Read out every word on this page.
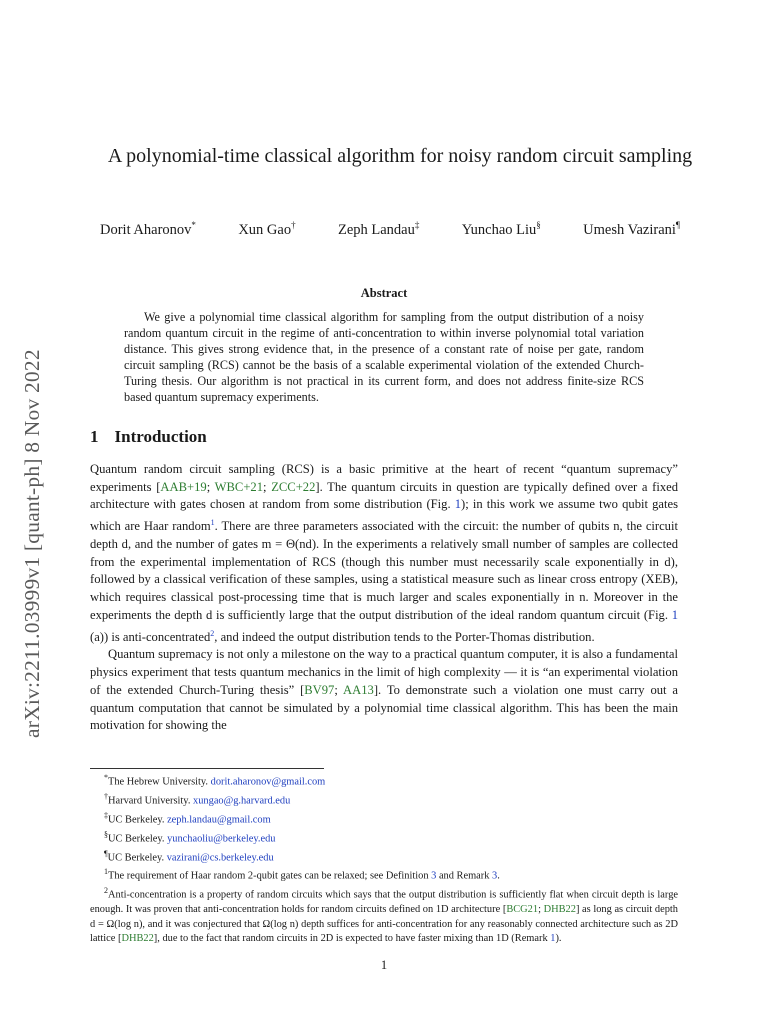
arXiv:2211.03999v1 [quant-ph] 8 Nov 2022
A polynomial-time classical algorithm for noisy random circuit sampling
Dorit Aharonov*	Xun Gao†	Zeph Landau‡	Yunchao Liu§	Umesh Vazirani¶
Abstract
We give a polynomial time classical algorithm for sampling from the output distribution of a noisy random quantum circuit in the regime of anti-concentration to within inverse polynomial total variation distance. This gives strong evidence that, in the presence of a constant rate of noise per gate, random circuit sampling (RCS) cannot be the basis of a scalable experimental violation of the extended Church-Turing thesis. Our algorithm is not practical in its current form, and does not address finite-size RCS based quantum supremacy experiments.
1 Introduction

Quantum random circuit sampling (RCS) is a basic primitive at the heart of recent “quantum supremacy” experiments [AAB+19; WBC+21; ZCC+22]. The quantum circuits in question are typically defined over a fixed architecture with gates chosen at random from some distribution (Fig. 1); in this work we assume two qubit gates which are Haar random$^1$. There are three parameters associated with the circuit: the number of qubits n, the circuit depth d, and the number of gates m = Θ(nd). In the experiments a relatively small number of samples are collected from the experimental implementation of RCS (though this number must necessarily scale exponentially in d), followed by a classical verification of these samples, using a statistical measure such as linear cross entropy (XEB), which requires classical post-processing time that is much larger and scales exponentially in n. Moreover in the experiments the depth d is sufficiently large that the output distribution of the ideal random quantum circuit (Fig. 1 (a)) is anti-concentrated$^2$, and indeed the output distribution tends to the Porter-Thomas distribution.

Quantum supremacy is not only a milestone on the way to a practical quantum computer, it is also a fundamental physics experiment that tests quantum mechanics in the limit of high complexity — it is “an experimental violation of the extended Church-Turing thesis” [BV97; AA13]. To demonstrate such a violation one must carry out a quantum computation that cannot be simulated by a polynomial time classical algorithm. This has been the main motivation for showing the

*The Hebrew University. dorit.aharonov@gmail.com

†Harvard University. xungao@g.harvard.edu

‡UC Berkeley. zeph.landau@gmail.com

§UC Berkeley. yunchaoliu@berkeley.edu

¶UC Berkeley. vazirani@cs.berkeley.edu

$^1$The requirement of Haar random 2-qubit gates can be relaxed; see Definition 3 and Remark 3.

$^2$Anti-concentration is a property of random circuits which says that the output distribution is sufficiently flat when circuit depth is large enough. It was proven that anti-concentration holds for random circuits defined on 1D architecture [BCG21; DHB22] as long as circuit depth d = Ω(log n), and it was conjectured that Ω(log n) depth suffices for anti-concentration for any reasonably connected architecture such as 2D lattice [DHB22], due to the fact that random circuits in 2D is expected to have faster mixing than 1D (Remark 1).

1
